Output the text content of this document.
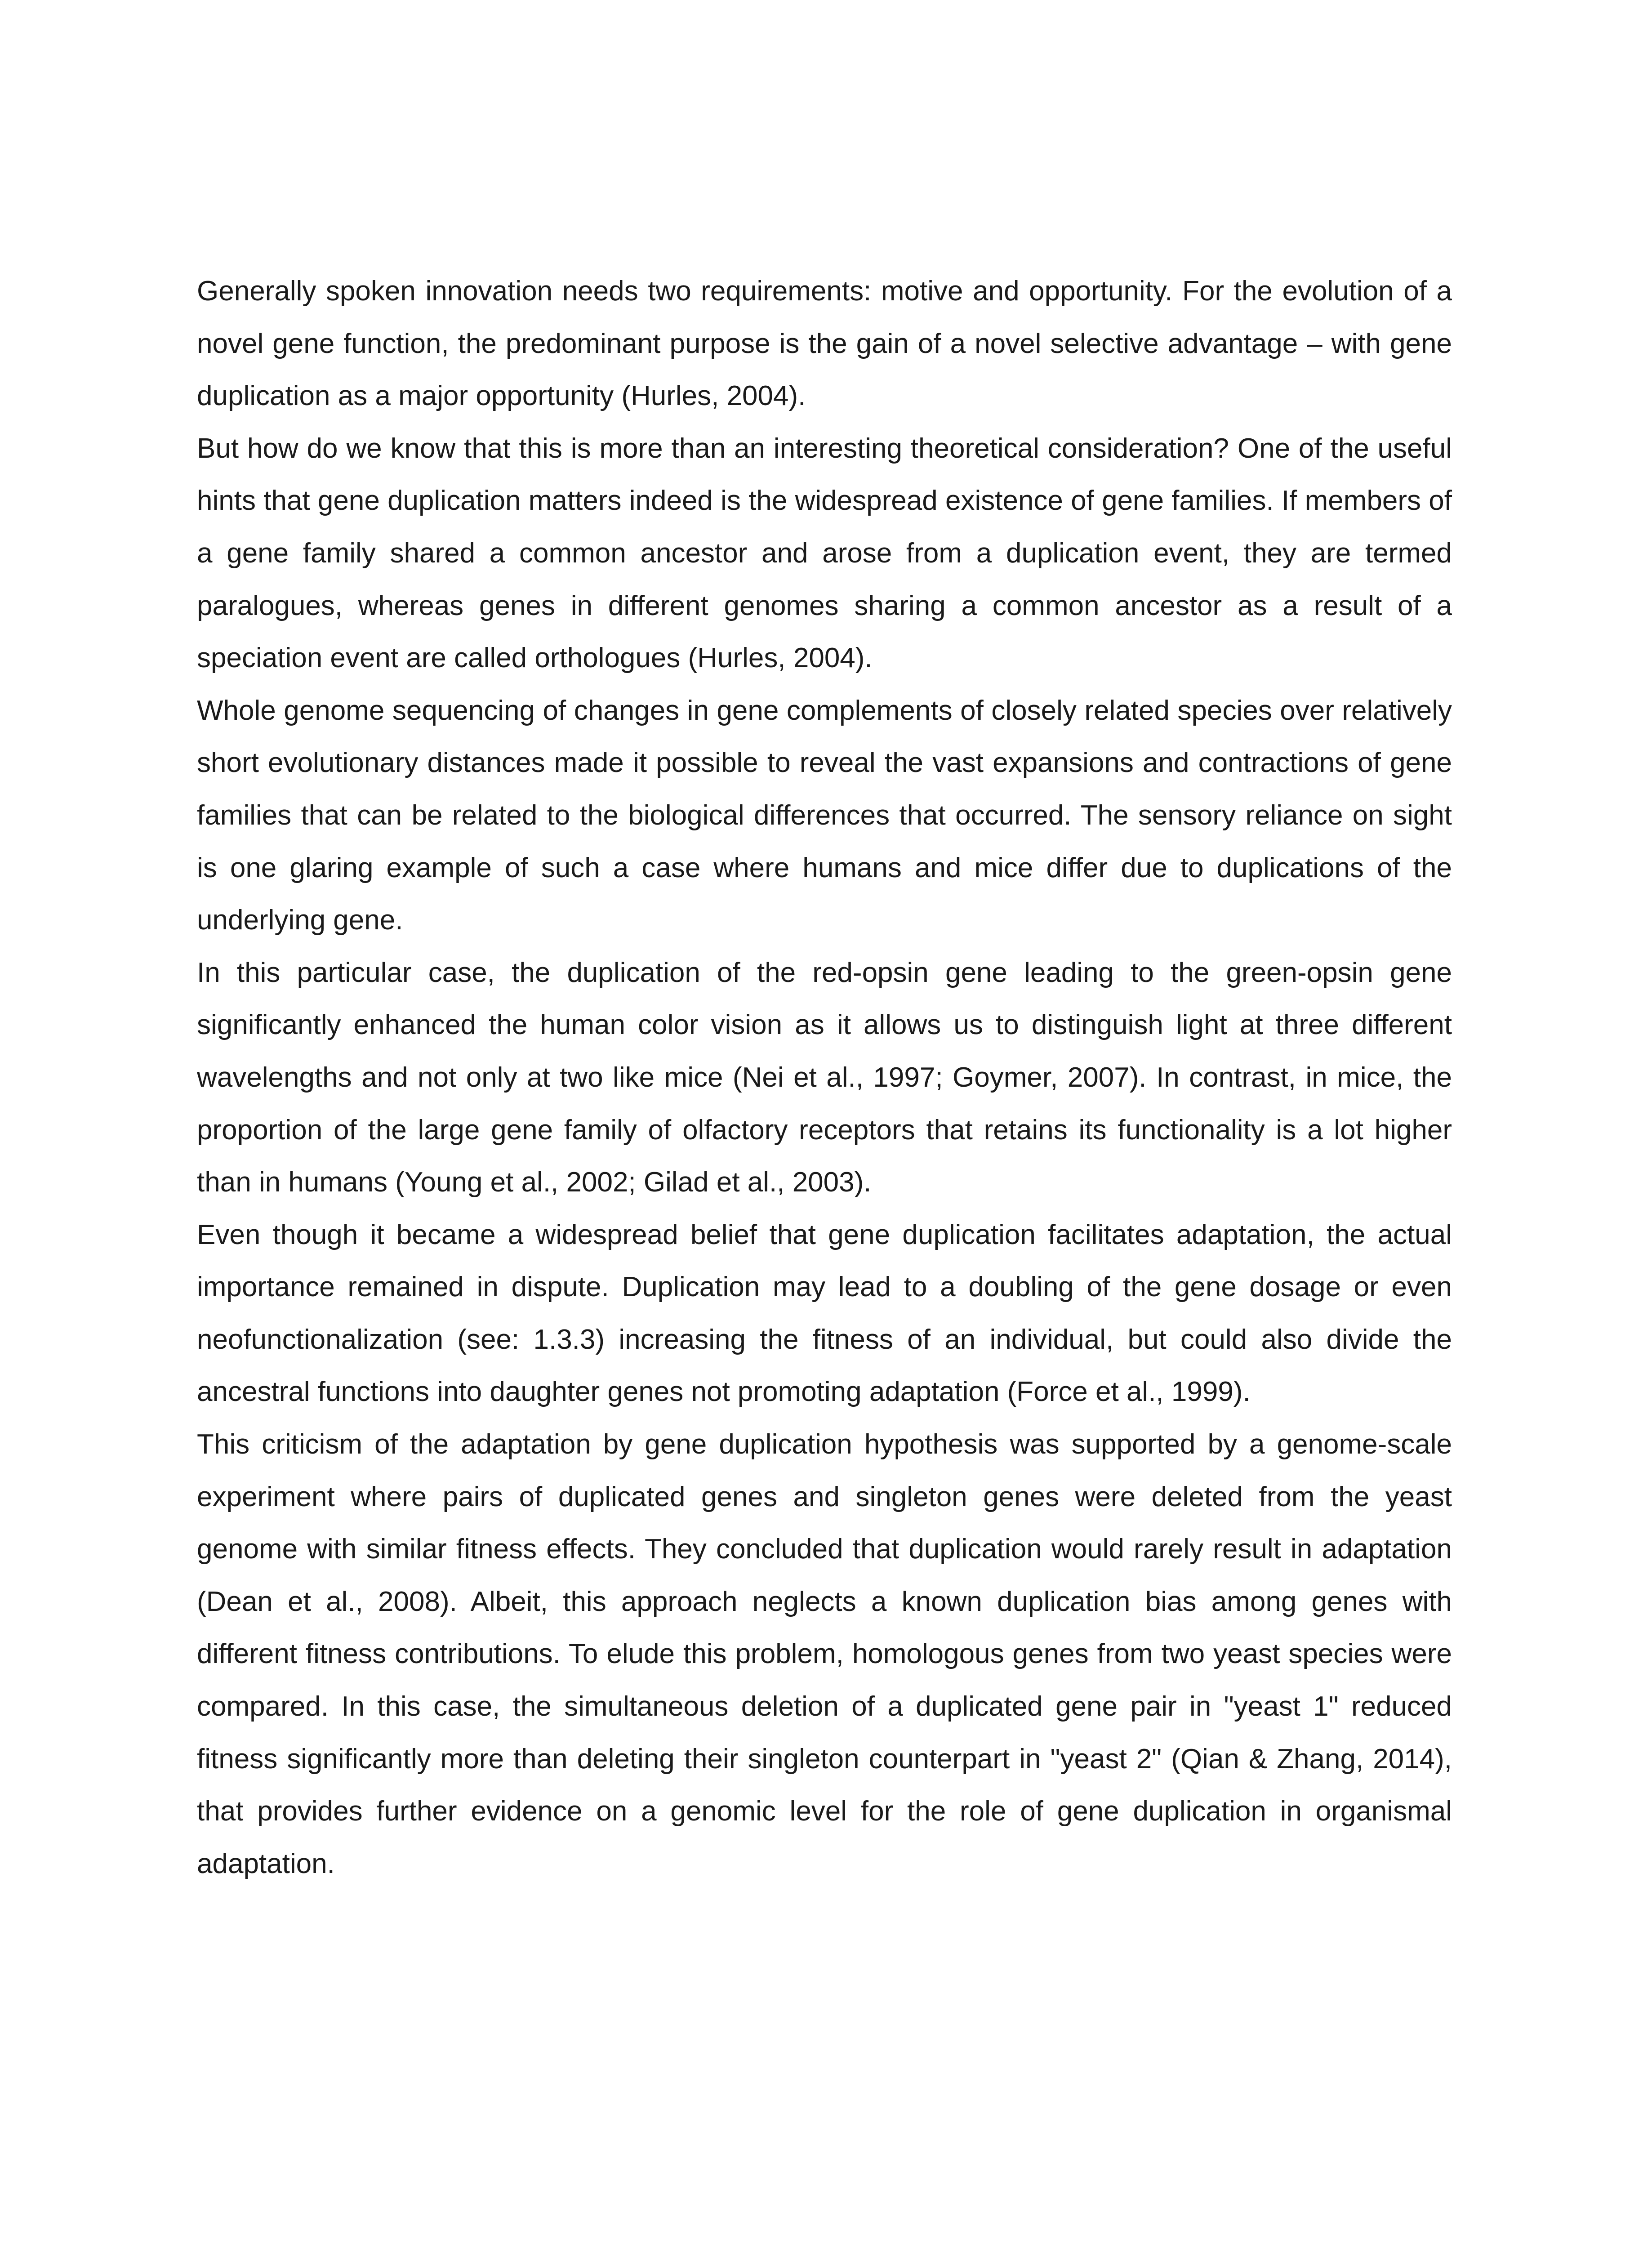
Generally spoken innovation needs two requirements: motive and opportunity. For the evolution of a novel gene function, the predominant purpose is the gain of a novel selective advantage – with gene duplication as a major opportunity (Hurles, 2004).

But how do we know that this is more than an interesting theoretical consideration? One of the useful hints that gene duplication matters indeed is the widespread existence of gene families. If members of a gene family shared a common ancestor and arose from a duplication event, they are termed paralogues, whereas genes in different genomes sharing a common ancestor as a result of a speciation event are called orthologues (Hurles, 2004).

Whole genome sequencing of changes in gene complements of closely related species over relatively short evolutionary distances made it possible to reveal the vast expansions and contractions of gene families that can be related to the biological differences that occurred. The sensory reliance on sight is one glaring example of such a case where humans and mice differ due to duplications of the underlying gene.

In this particular case, the duplication of the red-opsin gene leading to the green-opsin gene significantly enhanced the human color vision as it allows us to distinguish light at three different wavelengths and not only at two like mice (Nei et al., 1997; Goymer, 2007). In contrast, in mice, the proportion of the large gene family of olfactory receptors that retains its functionality is a lot higher than in humans (Young et al., 2002; Gilad et al., 2003).

Even though it became a widespread belief that gene duplication facilitates adaptation, the actual importance remained in dispute. Duplication may lead to a doubling of the gene dosage or even neofunctionalization (see: 1.3.3) increasing the fitness of an individual, but could also divide the ancestral functions into daughter genes not promoting adaptation (Force et al., 1999).

This criticism of the adaptation by gene duplication hypothesis was supported by a genome-scale experiment where pairs of duplicated genes and singleton genes were deleted from the yeast genome with similar fitness effects. They concluded that duplication would rarely result in adaptation (Dean et al., 2008). Albeit, this approach neglects a known duplication bias among genes with different fitness contributions. To elude this problem, homologous genes from two yeast species were compared. In this case, the simultaneous deletion of a duplicated gene pair in "yeast 1" reduced fitness significantly more than deleting their singleton counterpart in "yeast 2" (Qian & Zhang, 2014), that provides further evidence on a genomic level for the role of gene duplication in organismal adaptation.
